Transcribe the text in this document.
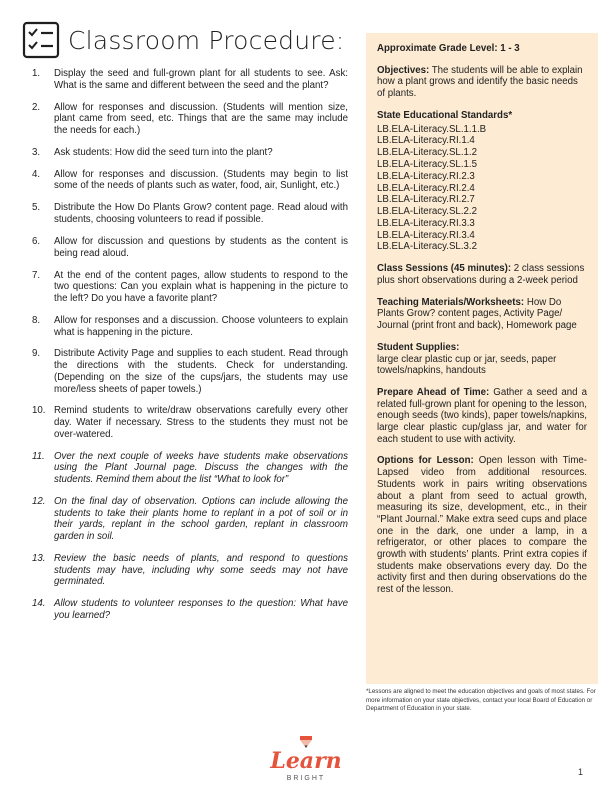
Classroom Procedure:
1. Display the seed and full-grown plant for all students to see. Ask: What is the same and different between the seed and the plant?
2. Allow for responses and discussion. (Students will mention size, plant came from seed, etc. Things that are the same may include the needs for each.)
3. Ask students: How did the seed turn into the plant?
4. Allow for responses and discussion. (Students may begin to list some of the needs of plants such as water, food, air, Sunlight, etc.)
5. Distribute the How Do Plants Grow? content page. Read aloud with students, choosing volunteers to read if possible.
6. Allow for discussion and questions by students as the content is being read aloud.
7. At the end of the content pages, allow students to respond to the two questions: Can you explain what is happening in the picture to the left? Do you have a favorite plant?
8. Allow for responses and a discussion. Choose volunteers to explain what is happening in the picture.
9. Distribute Activity Page and supplies to each student. Read through the directions with the students. Check for understanding. (Depending on the size of the cups/jars, the students may use more/less sheets of paper towels.)
10. Remind students to write/draw observations carefully every other day. Water if necessary. Stress to the students they must not be over-watered.
11. Over the next couple of weeks have students make observations using the Plant Journal page. Discuss the changes with the students. Remind them about the list “What to look for”
12. On the final day of observation. Options can include allowing the students to take their plants home to replant in a pot of soil or in their yards, replant in the school garden, replant in classroom garden in soil.
13. Review the basic needs of plants, and respond to questions students may have, including why some seeds may not have germinated.
14. Allow students to volunteer responses to the question: What have you learned?

Approximate Grade Level: 1 - 3

Objectives: The students will be able to explain how a plant grows and identify the basic needs of plants.

State Educational Standards*

LB.ELA-Literacy.SL.1.1.B
LB.ELA-Literacy.RI.1.4
LB.ELA-Literacy.SL.1.2
LB.ELA-Literacy.SL.1.5
LB.ELA-Literacy.RI.2.3
LB.ELA-Literacy.RI.2.4
LB.ELA-Literacy.RI.2.7
LB.ELA-Literacy.SL.2.2
LB.ELA-Literacy.RI.3.3
LB.ELA-Literacy.RI.3.4
LB.ELA-Literacy.SL.3.2

Class Sessions (45 minutes): 2 class sessions plus short observations during a 2-week period

Teaching Materials/Worksheets: How Do Plants Grow? content pages, Activity Page/ Journal (print front and back), Homework page

Student Supplies:
large clear plastic cup or jar, seeds, paper towels/napkins, handouts

Prepare Ahead of Time: Gather a seed and a related full-grown plant for opening to the lesson, enough seeds (two kinds), paper towels/napkins, large clear plastic cup/glass jar, and water for each student to use with activity.

Options for Lesson: Open lesson with Time-Lapsed video from additional resources. Students work in pairs writing observations about a plant from seed to actual growth, measuring its size, development, etc., in their “Plant Journal.” Make extra seed cups and place one in the dark, one under a lamp, in a refrigerator, or other places to compare the growth with students’ plants. Print extra copies if students make observations every day. Do the activity first and then during observations do the rest of the lesson.

*Lessons are aligned to meet the education objectives and goals of most states. For more information on your state objectives, contact your local Board of Education or Department of Education in your state.
Learn
BRIGHT
1
